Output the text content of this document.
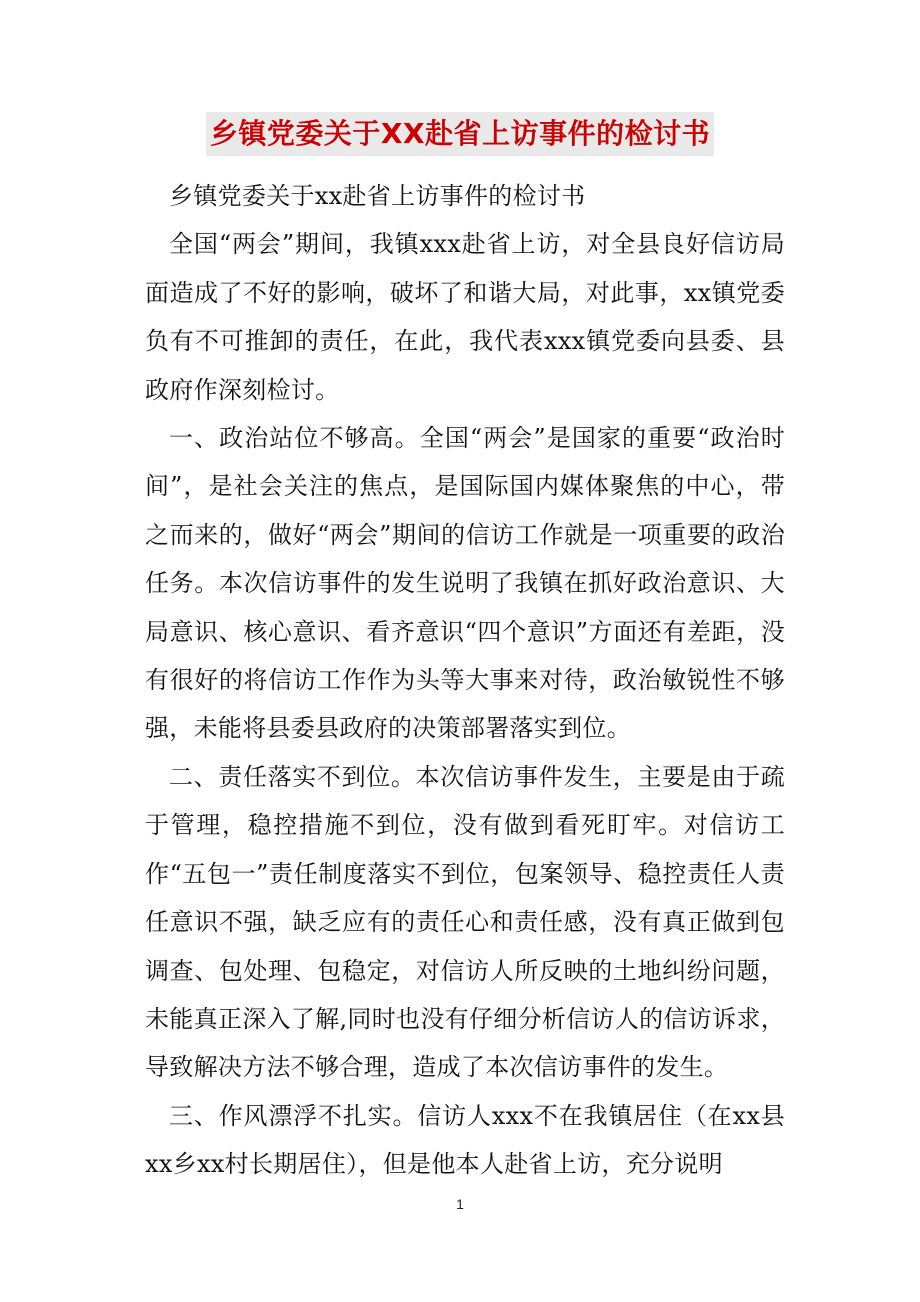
乡镇党委关于XX赴省上访事件的检讨书

乡镇党委关于xx赴省上访事件的检讨书

全国“两会”期间，我镇xxx赴省上访，对全县良好信访局面造成了不好的影响，破坏了和谐大局，对此事，xx镇党委负有不可推卸的责任，在此，我代表xxx镇党委向县委、县政府作深刻检讨。

一、政治站位不够高。全国“两会”是国家的重要“政治时间”，是社会关注的焦点，是国际国内媒体聚焦的中心，带之而来的，做好“两会”期间的信访工作就是一项重要的政治任务。本次信访事件的发生说明了我镇在抓好政治意识、大局意识、核心意识、看齐意识“四个意识”方面还有差距，没有很好的将信访工作作为头等大事来对待，政治敏锐性不够强，未能将县委县政府的决策部署落实到位。

二、责任落实不到位。本次信访事件发生，主要是由于疏于管理，稳控措施不到位，没有做到看死盯牢。对信访工作“五包一”责任制度落实不到位，包案领导、稳控责任人责任意识不强，缺乏应有的责任心和责任感，没有真正做到包调查、包处理、包稳定，对信访人所反映的土地纠纷问题，未能真正深入了解,同时也没有仔细分析信访人的信访诉求，导致解决方法不够合理，造成了本次信访事件的发生。

三、作风漂浮不扎实。信访人xxx不在我镇居住（在xx县xx乡xx村长期居住），但是他本人赴省上访，充分说明

1
